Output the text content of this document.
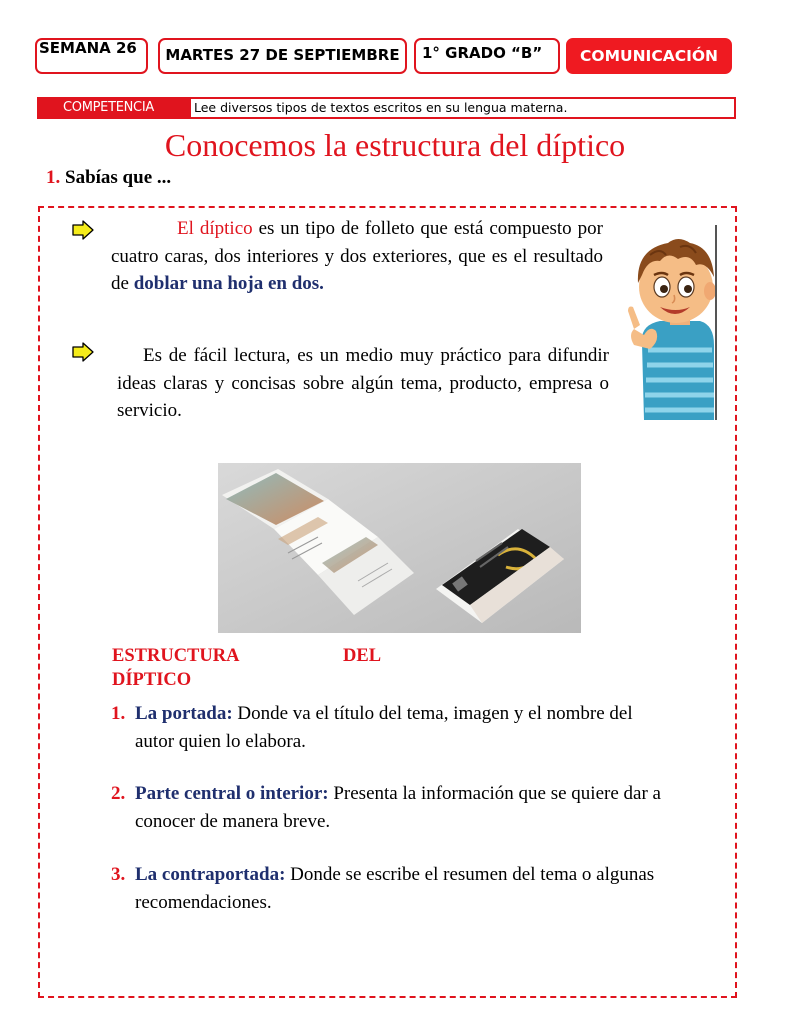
SEMANA 26	MARTES 27 DE SEPTIEMBRE	1° GRADO “B”	COMUNICACIÓN
COMPETENCIA	Lee diversos tipos de textos escritos en su lengua materna.
Conocemos la estructura del díptico
1. Sabías que ...
El díptico es un tipo de folleto que está compuesto por cuatro caras, dos interiores y dos exteriores, que es el resultado de doblar una hoja en dos.
Es de fácil lectura, es un medio muy práctico para difundir ideas claras y concisas sobre algún tema, producto, empresa o servicio.
ESTRUCTURA	DEL
DÍPTICO
1. La portada: Donde va el título del tema, imagen y el nombre del autor quien lo elabora.
2. Parte central o interior: Presenta la información que se quiere dar a conocer de manera breve.
3. La contraportada: Donde se escribe el resumen del tema o algunas recomendaciones.
